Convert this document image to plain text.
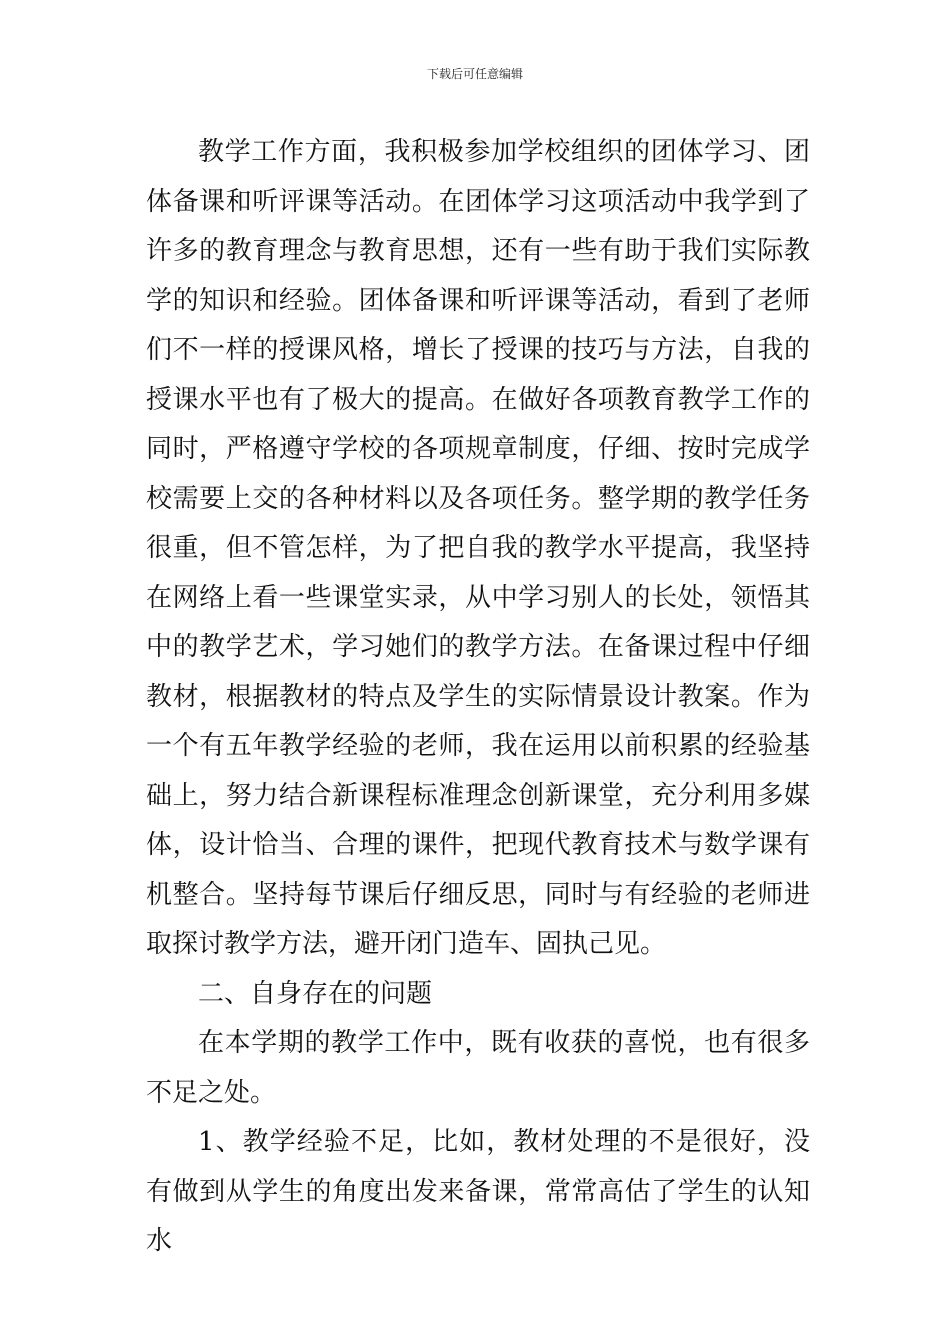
下载后可任意编辑

教学工作方面，我积极参加学校组织的团体学习、团体备课和听评课等活动。在团体学习这项活动中我学到了许多的教育理念与教育思想，还有一些有助于我们实际教学的知识和经验。团体备课和听评课等活动，看到了老师们不一样的授课风格，增长了授课的技巧与方法，自我的授课水平也有了极大的提高。在做好各项教育教学工作的同时，严格遵守学校的各项规章制度，仔细、按时完成学校需要上交的各种材料以及各项任务。整学期的教学任务很重，但不管怎样，为了把自我的教学水平提高，我坚持在网络上看一些课堂实录，从中学习别人的长处，领悟其中的教学艺术，学习她们的教学方法。在备课过程中仔细教材，根据教材的特点及学生的实际情景设计教案。作为一个有五年教学经验的老师，我在运用以前积累的经验基础上，努力结合新课程标准理念创新课堂，充分利用多媒体，设计恰当、合理的课件，把现代教育技术与数学课有机整合。坚持每节课后仔细反思，同时与有经验的老师进取探讨教学方法，避开闭门造车、固执己见。

二、自身存在的问题

在本学期的教学工作中，既有收获的喜悦，也有很多不足之处。

1、教学经验不足，比如，教材处理的不是很好，没有做到从学生的角度出发来备课，常常高估了学生的认知水
